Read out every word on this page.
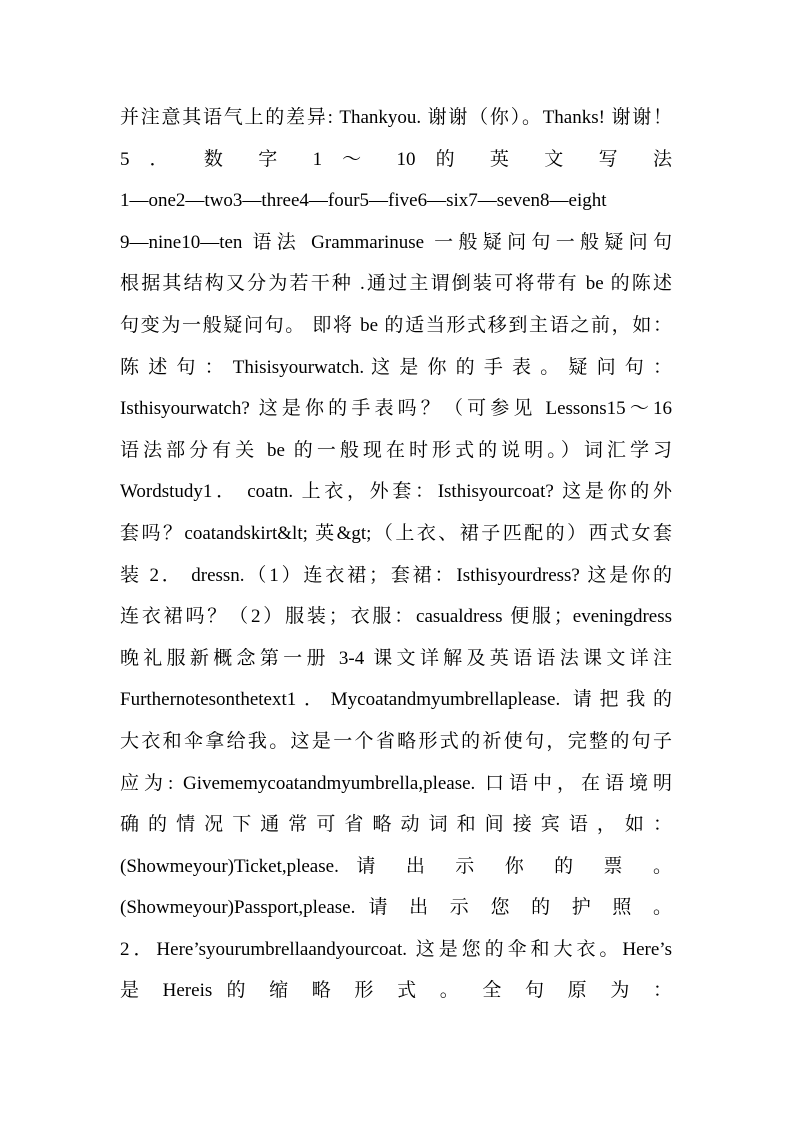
并注意其语气上的差异: Thankyou. 谢谢（你）。Thanks! 谢谢！
5 ． 数 字 1 ～ 10 的 英 文 写 法
1—one2—two3—three4—four5—five6—six7—seven8—eight
9—nine10—ten 语法 Grammarinuse 一般疑问句一般疑问句
根据其结构又分为若干种 .通过主谓倒装可将带有 be 的陈述
句变为一般疑问句。 即将 be 的适当形式移到主语之前，如：
陈 述 句 ： Thisisyourwatch. 这 是 你 的 手 表 。 疑 问 句 ：
Isthisyourwatch? 这是你的手表吗？（可参见 Lessons15～16
语法部分有关 be 的一般现在时形式的说明。）词汇学习
Wordstudy1． coatn. 上衣，外套：Isthisyourcoat? 这是你的外
套吗？coatandskirt&lt; 英&gt;（上衣、裙子匹配的）西式女套
装 2． dressn.（1）连衣裙；套裙：Isthisyourdress? 这是你的
连衣裙吗？（2）服装；衣服：casualdress 便服；eveningdress
晚礼服新概念第一册 3-4 课文详解及英语语法课文详注
Furthernotesonthetext1．Mycoatandmyumbrellaplease. 请把我的
大衣和伞拿给我。这是一个省略形式的祈使句，完整的句子
应为: Givememycoatandmyumbrella,please. 口语中，在语境明
确 的 情 况 下 通 常 可 省 略 动 词 和 间 接 宾 语 ， 如 ：
(Showmeyour)Ticket,please. 请 出 示 你 的 票 。
(Showmeyour)Passport,please. 请 出 示 您 的 护 照 。
2．Here’syourumbrellaandyourcoat. 这是您的伞和大衣。Here’s
是 Hereis 的 缩 略 形 式 。 全 句 原 为 ：
